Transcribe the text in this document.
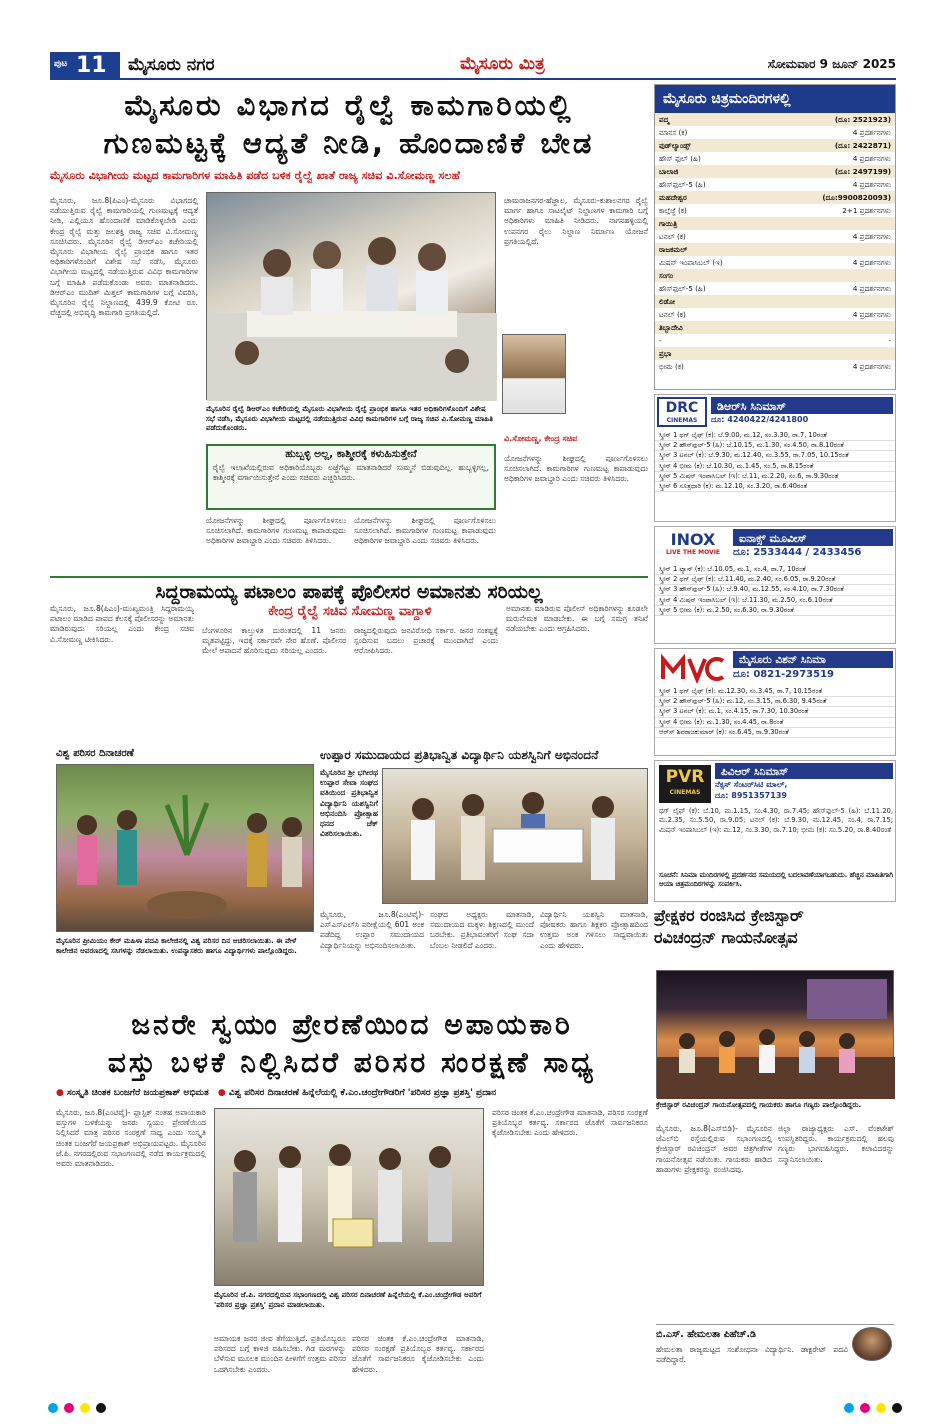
ಪುಟ 11 ಮೈಸೂರು ನಗರ	ಮೈಸೂರು ಮಿತ್ರ	ಸೋಮವಾರ 9 ಜೂನ್ 2025
ಮೈಸೂರು ವಿಭಾಗದ ರೈಲ್ವೆ ಕಾಮಗಾರಿಯಲ್ಲಿ
ಗುಣಮಟ್ಟಕ್ಕೆ ಆದ್ಯತೆ ನೀಡಿ, ಹೊಂದಾಣಿಕೆ ಬೇಡ
ಮೈಸೂರು ವಿಭಾಗೀಯ ಮಟ್ಟದ ಕಾಮಗಾರಿಗಳ ಮಾಹಿತಿ ಪಡೆದ ಬಳಿಕ ರೈಲ್ವೆ ಖಾತೆ ರಾಜ್ಯ ಸಚಿವ ವಿ.ಸೋಮಣ್ಣ ಸಲಹೆ
ಮೈಸೂರು, ಜೂ.8(ಪಿಎಂ)-ಮೈಸೂರು ವಿಭಾಗದಲ್ಲಿ ನಡೆಯುತ್ತಿರುವ ರೈಲ್ವೆ ಕಾಮಗಾರಿಯಲ್ಲಿ ಗುಣಮಟ್ಟಕ್ಕೆ ಆದ್ಯತೆ ನೀಡಿ, ಎಲ್ಲಿಯೂ ಹೊಂದಾಣಿಕೆ ಮಾಡಿಕೊಳ್ಳಬೇಡಿ ಎಂದು ಕೇಂದ್ರ ರೈಲ್ವೆ ಮತ್ತು ಜಲಶಕ್ತಿ ರಾಜ್ಯ ಸಚಿವ ವಿ.ಸೋಮಣ್ಣ ಸೂಚಿಸಿದರು. ಮೈಸೂರಿನ ರೈಲ್ವೆ ಡಿಆರ್‌ಎಂ ಕಚೇರಿಯಲ್ಲಿ ಮೈಸೂರು ವಿಭಾಗೀಯ ರೈಲ್ವೆ ಪ್ರಾಂಭಿಕ ಹಾಗೂ ಇತರ ಅಧಿಕಾರಿಗಳೊಂದಿಗೆ ವಿಶೇಷ ಸಭೆ ನಡೆಸಿ, ಮೈಸೂರು ವಿಭಾಗೀಯ ಮಟ್ಟದಲ್ಲಿ ನಡೆಯುತ್ತಿರುವ ವಿವಿಧ ಕಾಮಗಾರಿಗಳ ಬಗ್ಗೆ ಮಾಹಿತಿ ಪಡೆದುಕೊಂಡು ಅವರು ಮಾತನಾಡಿದರು. ಡಿಆರ್‌ಎಂ ಮುದಿತ್ ಮಿತ್ತಲ್ ಕಾಮಗಾರಿಗಳ ಬಗ್ಗೆ ವಿವರಿಸಿ, ಮೈಸೂರಿನ ರೈಲ್ವೆ ನಿಲ್ದಾಣದಲ್ಲಿ 439.9 ಕೋಟಿ ರೂ. ವೆಚ್ಚದಲ್ಲಿ ಅಭಿವೃದ್ಧಿ ಕಾಮಗಾರಿ ಪ್ರಗತಿಯಲ್ಲಿದೆ.
ಮೈಸೂರಿನ ರೈಲ್ವೆ ಡಿಆರ್‌ಎಂ ಕಚೇರಿಯಲ್ಲಿ ಮೈಸೂರು ವಿಭಾಗೀಯ ರೈಲ್ವೆ ಪ್ರಾಂಭಿಕ ಹಾಗೂ ಇತರ ಅಧಿಕಾರಿಗಳೊಂದಿಗೆ ವಿಶೇಷ ಸಭೆ ನಡೆಸಿ, ಮೈಸೂರು ವಿಭಾಗೀಯ ಮಟ್ಟದಲ್ಲಿ ನಡೆಯುತ್ತಿರುವ ವಿವಿಧ ಕಾಮಗಾರಿಗಳ ಬಗ್ಗೆ ರಾಜ್ಯ ಸಚಿವ ವಿ.ಸೋಮಣ್ಣ ಮಾಹಿತಿ ಪಡೆದುಕೊಂಡರು.
ಚಾಮರಾಜನಗರ-ಹೆಜ್ಜಾಲ, ಮೈಸೂರು-ಕುಶಾಲನಗರ ರೈಲ್ವೆ ಮಾರ್ಗ ಹಾಗೂ ಸಾಟಲೈಟ್ ನಿಲ್ದಾಣಗಳ ಕಾಮಗಾರಿ ಬಗ್ಗೆ ಅಧಿಕಾರಿಗಳು ಮಾಹಿತಿ ನೀಡಿದರು. ನಾಗನಹಳ್ಳಿಯಲ್ಲಿ ಉಪನಗರ ರೈಲು ನಿಲ್ದಾಣ ನಿರ್ಮಾಣ ಯೋಜನೆ ಪ್ರಗತಿಯಲ್ಲಿದೆ.
ವಿ.ಸೋಮಣ್ಣ, ಕೇಂದ್ರ ಸಚಿವ
ಹುಬ್ಬಳ್ಳಿ ಅಲ್ಲ, ಕಾಶ್ಮೀರಕ್ಕೆ ಕಳುಹಿಸುತ್ತೇನೆ
ರೈಲ್ವೆ ಇಲಾಖೆಯಲ್ಲಿರುವ ಅಧಿಕಾರಿಯೊಬ್ಬರು ಲಜ್ಜೆಗೆಟ್ಟು ಮಾತನಾಡಿದರೆ ಸುಮ್ಮನೆ ಬಿಡುವುದಿಲ್ಲ. ಹುಬ್ಬಳ್ಳಿಗಲ್ಲ, ಕಾಶ್ಮೀರಕ್ಕೆ ವರ್ಗಾಯಿಸುತ್ತೇನೆ ಎಂದು ಸಚಿವರು ಎಚ್ಚರಿಸಿದರು.
ಯೋಜನೆಗಳನ್ನು ಶೀಘ್ರದಲ್ಲಿ ಪೂರ್ಣಗೊಳಿಸಲು ಸೂಚಿಸಲಾಗಿದೆ. ಕಾಮಗಾರಿಗಳ ಗುಣಮಟ್ಟ ಕಾಪಾಡುವುದು ಅಧಿಕಾರಿಗಳ ಜವಾಬ್ದಾರಿ ಎಂದು ಸಚಿವರು ತಿಳಿಸಿದರು.
ಯೋಜನೆಗಳನ್ನು ಶೀಘ್ರದಲ್ಲಿ ಪೂರ್ಣಗೊಳಿಸಲು ಸೂಚಿಸಲಾಗಿದೆ. ಕಾಮಗಾರಿಗಳ ಗುಣಮಟ್ಟ ಕಾಪಾಡುವುದು ಅಧಿಕಾರಿಗಳ ಜವಾಬ್ದಾರಿ ಎಂದು ಸಚಿವರು ತಿಳಿಸಿದರು.
ಯೋಜನೆಗಳನ್ನು ಶೀಘ್ರದಲ್ಲಿ ಪೂರ್ಣಗೊಳಿಸಲು ಸೂಚಿಸಲಾಗಿದೆ. ಕಾಮಗಾರಿಗಳ ಗುಣಮಟ್ಟ ಕಾಪಾಡುವುದು ಅಧಿಕಾರಿಗಳ ಜವಾಬ್ದಾರಿ ಎಂದು ಸಚಿವರು ತಿಳಿಸಿದರು.
ಸಿದ್ದರಾಮಯ್ಯ ಪಟಾಲಂ ಪಾಪಕ್ಕೆ ಪೊಲೀಸರ ಅಮಾನತು ಸರಿಯಲ್ಲ
ಕೇಂದ್ರ ರೈಲ್ವೆ ಸಚಿವ ಸೋಮಣ್ಣ ವಾಗ್ದಾಳಿ
ಮೈಸೂರು, ಜೂ.8(ಪಿಎಂ)-ಮುಖ್ಯಮಂತ್ರಿ ಸಿದ್ದರಾಮಯ್ಯ ಪಟಾಲಂ ಮಾಡಿದ ಪಾಪದ ಕೆಲಸಕ್ಕೆ ಪೊಲೀಸರನ್ನು ಅಮಾನತು ಮಾಡಿರುವುದು ಸರಿಯಲ್ಲ ಎಂದು ಕೇಂದ್ರ ಸಚಿವ ವಿ.ಸೋಮಣ್ಣ ಟೀಕಿಸಿದರು.
ಬೆಂಗಳೂರಿನ ಕಾಲ್ತುಳಿತ ದುರಂತದಲ್ಲಿ 11 ಜನರು ಮೃತಪಟ್ಟಿದ್ದು, ಇದಕ್ಕೆ ಸರ್ಕಾರವೇ ನೇರ ಹೊಣೆ. ಪೊಲೀಸರ ಮೇಲೆ ಆಪಾದನೆ ಹೊರಿಸುವುದು ಸರಿಯಲ್ಲ ಎಂದರು.
ರಾಜ್ಯದಲ್ಲಿರುವುದು ಜನವಿರೋಧಿ ಸರ್ಕಾರ. ಜನರ ಸಂಕಷ್ಟಕ್ಕೆ ಸ್ಪಂದಿಸುವ ಬದಲು ಪ್ರಚಾರಕ್ಕೆ ಮುಂದಾಗಿದೆ ಎಂದು ಆರೋಪಿಸಿದರು.
ಅಮಾನತು ಮಾಡಿರುವ ಪೊಲೀಸ್ ಅಧಿಕಾರಿಗಳನ್ನು ಕೂಡಲೇ ಮರುನೇಮಕ ಮಾಡಬೇಕು. ಈ ಬಗ್ಗೆ ಸಮಗ್ರ ತನಿಖೆ ನಡೆಯಬೇಕು ಎಂದು ಆಗ್ರಹಿಸಿದರು.
ವಿಶ್ವ ಪರಿಸರ ದಿನಾಚರಣೆ
ಮೈಸೂರಿನ ಪ್ರೀಮಿಯಂ ಕೇರ್ ಮಹಿಳಾ ಪದವಿ ಕಾಲೇಜಿನಲ್ಲಿ ವಿಶ್ವ ಪರಿಸರ ದಿನ ಆಚರಿಸಲಾಯಿತು. ಈ ವೇಳೆ ಕಾಲೇಜಿನ ಆವರಣದಲ್ಲಿ ಸಸಿಗಳನ್ನು ನೆಡಲಾಯಿತು. ಉಪನ್ಯಾಸಕರು ಹಾಗೂ ವಿದ್ಯಾರ್ಥಿಗಳು ಪಾಲ್ಗೊಂಡಿದ್ದರು.
ಉಪ್ಪಾರ ಸಮುದಾಯದ ಪ್ರತಿಭಾನ್ವಿತ ವಿದ್ಯಾರ್ಥಿನಿ ಯಶಸ್ವಿನಿಗೆ ಅಭಿನಂದನೆ
ಮೈಸೂರಿನ ಶ್ರೀ ಭಗೀರಥ ಉಪ್ಪಾರ ಸೇವಾ ಸಂಘದ ವತಿಯಿಂದ ಪ್ರತಿಭಾನ್ವಿತ ವಿದ್ಯಾರ್ಥಿನಿ ಯಶಸ್ವಿನಿಗೆ ಅಭಿನಂದಿಸಿ ಪ್ರೋತ್ಸಾಹ ಧನದ ಚೆಕ್ ವಿತರಿಸಲಾಯಿತು.
ಮೈಸೂರು, ಜೂ.8(ಎಂಟಿವೈ)-ಎಸ್‌ಎಸ್‌ಎಲ್‌ಸಿ ಪರೀಕ್ಷೆಯಲ್ಲಿ 601 ಅಂಕ ಪಡೆದಿದ್ದ ಉಪ್ಪಾರ ಸಮುದಾಯದ ವಿದ್ಯಾರ್ಥಿನಿಯನ್ನು ಅಭಿನಂದಿಸಲಾಯಿತು.
ಸಂಘದ ಅಧ್ಯಕ್ಷರು ಮಾತನಾಡಿ, ಸಮುದಾಯದ ಮಕ್ಕಳು ಶಿಕ್ಷಣದಲ್ಲಿ ಮುಂದೆ ಬರಬೇಕು. ಪ್ರತಿಭಾವಂತರಿಗೆ ಸಂಘ ಸದಾ ಬೆಂಬಲ ನೀಡಲಿದೆ ಎಂದರು.
ವಿದ್ಯಾರ್ಥಿನಿ ಯಶಸ್ವಿನಿ ಮಾತನಾಡಿ, ಪೋಷಕರು ಹಾಗೂ ಶಿಕ್ಷಕರ ಪ್ರೋತ್ಸಾಹದಿಂದ ಉತ್ತಮ ಅಂಕ ಗಳಿಸಲು ಸಾಧ್ಯವಾಯಿತು ಎಂದು ಹೇಳಿದರು.
ಜನರೇ ಸ್ವಯಂ ಪ್ರೇರಣೆಯಿಂದ ಅಪಾಯಕಾರಿ
ವಸ್ತು ಬಳಕೆ ನಿಲ್ಲಿಸಿದರೆ ಪರಿಸರ ಸಂರಕ್ಷಣೆ ಸಾಧ್ಯ
● ಸಂಸ್ಕೃತಿ ಚಿಂತಕ ಬಂಜಗೆರೆ ಜಯಪ್ರಕಾಶ್ ಅಭಿಮತ ● ವಿಶ್ವ ಪರಿಸರ ದಿನಾಚರಣೆ ಹಿನ್ನೆಲೆಯಲ್ಲಿ ಕೆ.ಎಂ.ಚಂದ್ರೇಗೌಡರಿಗೆ 'ಪರಿಸರ ಪ್ರಜ್ಞಾ ಪ್ರಶಸ್ತಿ' ಪ್ರದಾನ
ಮೈಸೂರು, ಜೂ.8(ಎಂಟಿವೈ)- ಪ್ಲಾಸ್ಟಿಕ್ ನಂತಹ ಅಪಾಯಕಾರಿ ವಸ್ತುಗಳ ಬಳಕೆಯನ್ನು ಜನರು ಸ್ವಯಂ ಪ್ರೇರಣೆಯಿಂದ ನಿಲ್ಲಿಸಿದರೆ ಮಾತ್ರ ಪರಿಸರ ಸಂರಕ್ಷಣೆ ಸಾಧ್ಯ ಎಂದು ಸಂಸ್ಕೃತಿ ಚಿಂತಕ ಬಂಜಗೆರೆ ಜಯಪ್ರಕಾಶ್ ಅಭಿಪ್ರಾಯಪಟ್ಟರು. ಮೈಸೂರಿನ ಜೆ.ಪಿ. ನಗರದಲ್ಲಿರುವ ಸಭಾಂಗಣದಲ್ಲಿ ನಡೆದ ಕಾರ್ಯಕ್ರಮದಲ್ಲಿ ಅವರು ಮಾತನಾಡಿದರು.
ಮೈಸೂರಿನ ಜೆ.ಪಿ. ನಗರದಲ್ಲಿರುವ ಸಭಾಂಗಣದಲ್ಲಿ ವಿಶ್ವ ಪರಿಸರ ದಿನಾಚರಣೆ ಹಿನ್ನೆಲೆಯಲ್ಲಿ ಕೆ.ಎಂ.ಚಂದ್ರೇಗೌಡ ಅವರಿಗೆ 'ಪರಿಸರ ಪ್ರಜ್ಞಾ ಪ್ರಶಸ್ತಿ' ಪ್ರದಾನ ಮಾಡಲಾಯಿತು.
ಅಮಾಯಕ ಜನರ ಜೀವ ತೆಗೆಯುತ್ತಿದೆ. ಪ್ರತಿಯೊಬ್ಬರೂ ಪರಿಸರದ ಬಗ್ಗೆ ಕಾಳಜಿ ವಹಿಸಬೇಕು. ಗಿಡ ಮರಗಳನ್ನು ಬೆಳೆಸುವ ಮೂಲಕ ಮುಂದಿನ ಪೀಳಿಗೆಗೆ ಉತ್ತಮ ಪರಿಸರ ಒದಗಿಸಬೇಕು ಎಂದರು.
ಪರಿಸರ ಚಿಂತಕ ಕೆ.ಎಂ.ಚಂದ್ರೇಗೌಡ ಮಾತನಾಡಿ, ಪರಿಸರ ಸಂರಕ್ಷಣೆ ಪ್ರತಿಯೊಬ್ಬರ ಕರ್ತವ್ಯ. ಸರ್ಕಾರದ ಜೊತೆಗೆ ಸಾರ್ವಜನಿಕರೂ ಕೈಜೋಡಿಸಬೇಕು ಎಂದು ಹೇಳಿದರು.
ಪರಿಸರ ಚಿಂತಕ ಕೆ.ಎಂ.ಚಂದ್ರೇಗೌಡ ಮಾತನಾಡಿ, ಪರಿಸರ ಸಂರಕ್ಷಣೆ ಪ್ರತಿಯೊಬ್ಬರ ಕರ್ತವ್ಯ. ಸರ್ಕಾರದ ಜೊತೆಗೆ ಸಾರ್ವಜನಿಕರೂ ಕೈಜೋಡಿಸಬೇಕು ಎಂದು ಹೇಳಿದರು.
ಮೈಸೂರು ಚಿತ್ರಮಂದಿರಗಳಲ್ಲಿ
ಪದ್ಮ	(ದೂ: 2521923)
ಮಾನಸ (ಕ)	4 ಪ್ರದರ್ಶನಗಳು
ವುಡ್‌ಲ್ಯಾಂಡ್ಸ್	(ದೂ: 2422871)
ಹೌಸ್ ಫುಲ್ (ಹಿ)	4 ಪ್ರದರ್ಶನಗಳು
ಬಾಲಾಜಿ	(ದೂ: 2497199)
ಹೌಸ್‌ಫುಲ್-5 (ಹಿ)	4 ಪ್ರದರ್ಶನಗಳು
ಮಹದೇಶ್ವರ	(ದೂ:9900820093)
ಕಾಲ್ಗೆಜ್ಜೆ (ಕ)	2+1 ಪ್ರದರ್ಶನಗಳು
ಗಾಯಿತ್ರಿ
ಟನಲ್ (ಕ)	4 ಪ್ರದರ್ಶನಗಳು
ರಾಜಕಮಲ್
ಮಿಷನ್ ಇಂಪಾಸಿಬಲ್ (ಇ)	4 ಪ್ರದರ್ಶನಗಳು
ಸಂಗಂ
ಹೌಸ್‌ಫುಲ್-5 (ಹಿ)	4 ಪ್ರದರ್ಶನಗಳು
ಲಿಡೋ
ಟನಲ್ (ಕ)	4 ಪ್ರದರ್ಶನಗಳು
ತಿಬ್ಬಾದೇವಿ
-	-
ಪ್ರಭಾ
ಭೀಮ (ಕ)	4 ಪ್ರದರ್ಶನಗಳು
DRC
CINEMAS
ಡಿಆರ್‌ಸಿ ಸಿನಿಮಾಸ್
ದೂ: 4240422/4241800
ಸ್ಕ್ರೀನ್ 1 ಥಗ್ ಲೈಫ್ (ಕ): ಬೆ.9.00, ಮ.12, ಸಂ.3.30, ರಾ.7, 10ರಂತೆ
ಸ್ಕ್ರೀನ್ 2 ಹೌಸ್‌ಫುಲ್-5 (ಹಿ): ಬೆ.10.15, ಮ.1.30, ಸಂ.4.50, ರಾ.8.10ರಂತೆ
ಸ್ಕ್ರೀನ್ 3 ಟನಲ್ (ಕ): ಬೆ.9.30, ಮ.12.40, ಸಂ.3.55, ರಾ.7.05, 10.15ರಂತೆ
ಸ್ಕ್ರೀನ್ 4 ಭೀಮ (ಕ): ಬೆ.10.30, ಮ.1.45, ಸಂ.5, ರಾ.8.15ರಂತೆ
ಸ್ಕ್ರೀನ್ 5 ಮಿಷನ್ ಇಂಪಾಸಿಬಲ್ (ಇ): ಬೆ.11, ಮ.2.20, ಸಂ.6, ರಾ.9.30ರಂತೆ
ಸ್ಕ್ರೀನ್ 6 ಸೂತ್ರಧಾರಿ (ಕ): ಮ.12.10, ಸಂ.3.20, ರಾ.6.40ರಂತೆ
INOX
LIVE THE MOVIE
ಐನಾಕ್ಸ್ ಮೂವೀಸ್
ದೂ: 2533444 / 2433456
ಸ್ಕ್ರೀನ್ 1 ಟ್ಯಾನ್ (ಕ): ಬೆ.10.05, ಮ.1, ಸಂ.4, ರಾ.7, 10ರಂತೆ
ಸ್ಕ್ರೀನ್ 2 ಥಗ್ ಲೈಫ್ (ಕ): ಬೆ.11.40, ಮ.2.40, ಸಂ.6.05, ರಾ.9.20ರಂತೆ
ಸ್ಕ್ರೀನ್ 3 ಹೌಸ್‌ಫುಲ್-5 (ಹಿ): ಬೆ.9.40, ಮ.12.55, ಸಂ.4.10, ರಾ.7.30ರಂತೆ
ಸ್ಕ್ರೀನ್ 4 ಮಿಷನ್ ಇಂಪಾಸಿಬಲ್ (ಇ): ಬೆ.11.30, ಮ.2.50, ಸಂ.6.10ರಂತೆ
ಸ್ಕ್ರೀನ್ 5 ಭೀಮ (ಕ): ಮ.2.50, ಸಂ.6.30, ರಾ.9.30ರಂತೆ
ಮೈಸೂರು ವಿಶನ್ ಸಿನಿಮಾ
ದೂ: 0821-2973519
ಸ್ಕ್ರೀನ್ 1 ಥಗ್ ಲೈಫ್ (ಕ): ಮ.12.30, ಸಂ.3.45, ರಾ.7, 10.15ರಂತೆ
ಸ್ಕ್ರೀನ್ 2 ಹೌಸ್‌ಫುಲ್-5 (ಹಿ): ಮ.12, ಸಂ.3.15, ರಾ.6.30, 9.45ರಂತೆ
ಸ್ಕ್ರೀನ್ 3 ಟನಲ್ (ಕ): ಮ.1, ಸಂ.4.15, ರಾ.7.30, 10.30ರಂತೆ
ಸ್ಕ್ರೀನ್ 4 ಭೀಮ (ಕ): ಮ.1.30, ಸಂ.4.45, ರಾ.8ರಂತೆ
ಆರ್‌ಸ್ ಶಿವರಾಜಕುಮಾರ್ (ಕ): ಸಂ.6.45, ರಾ.9.30ರಂತೆ
PVR
CINEMAS
ಪಿವಿಆರ್ ಸಿನಿಮಾಸ್
ನೆಕ್ಸಸ್ ಸೆಂಟರ್‌ಸಿಟಿ ಮಾಲ್,
ದೂ: 8951357139
ಥಗ್ ಲೈಫ್ (ಕ): ಬೆ.10, ಮ.1.15, ಸಂ.4.30, ರಾ.7.45; ಹೌಸ್‌ಫುಲ್-5 (ಹಿ): ಬೆ.11.20, ಮ.2.35, ಸಂ.5.50, ರಾ.9.05; ಟನಲ್ (ಕ): ಬೆ.9.30, ಮ.12.45, ಸಂ.4, ರಾ.7.15; ಮಿಷನ್ ಇಂಪಾಸಿಬಲ್ (ಇ): ಮ.12, ಸಂ.3.30, ರಾ.7.10; ಭೀಮ (ಕ): ಸಂ.5.20, ರಾ.8.40ರಂತೆ
ಸೂಚನೆ: ಸಿನಿಮಾ ಮಂದಿರಗಳಲ್ಲಿ ಪ್ರದರ್ಶನದ ಸಮಯದಲ್ಲಿ ಬದಲಾವಣೆಯಾಗಬಹುದು. ಹೆಚ್ಚಿನ ಮಾಹಿತಿಗಾಗಿ ಆಯಾ ಚಿತ್ರಮಂದಿರಗಳನ್ನು ಸಂಪರ್ಕಿಸಿ.
ಪ್ರೇಕ್ಷಕರ ರಂಜಿಸಿದ ಕ್ರೇಜಿಸ್ಟಾರ್
ರವಿಚಂದ್ರನ್ ಗಾಯನೋತ್ಸವ
ಕ್ರೇಜಿಸ್ಟಾರ್ ರವಿಚಂದ್ರನ್ ಗಾಯನೋತ್ಸವದಲ್ಲಿ ಗಾಯಕರು ಹಾಗೂ ಗಣ್ಯರು ಪಾಲ್ಗೊಂಡಿದ್ದರು.
ಮೈಸೂರು, ಜೂ.8(ಎಸ್‌ಬಿಡಿ)- ಮೈಸೂರಿನ ಜೆಎಲ್‌ಬಿ ರಸ್ತೆಯಲ್ಲಿರುವ ಸಭಾಂಗಣದಲ್ಲಿ ಕ್ರೇಜಿಸ್ಟಾರ್ ರವಿಚಂದ್ರನ್ ಅವರ ಚಿತ್ರಗೀತೆಗಳ ಗಾಯನೋತ್ಸವ ನಡೆಯಿತು. ಗಾಯಕರು ಹಾಡಿದ ಹಾಡುಗಳು ಪ್ರೇಕ್ಷಕರನ್ನು ರಂಜಿಸಿದವು.
ಜಿಲ್ಲಾ ರಾಜ್ಯಾಧ್ಯಕ್ಷರು ಎಸ್. ವೆಂಕಟೇಶ್ ಉಪಸ್ಥಿತರಿದ್ದರು. ಕಾರ್ಯಕ್ರಮದಲ್ಲಿ ಹಲವು ಗಣ್ಯರು ಭಾಗವಹಿಸಿದ್ದರು. ಕಲಾವಿದರನ್ನು ಸನ್ಮಾನಿಸಲಾಯಿತು.
ಬಿ.ಎಸ್. ಹೇಮಲತಾ ಪಿಹೆಚ್.ಡಿ
ಹೇಮಲತಾ ರಾಜ್ಯಮಟ್ಟದ ಸಂಶೋಧನಾ ವಿದ್ಯಾರ್ಥಿನಿ. ಡಾಕ್ಟರೇಟ್ ಪದವಿ ಪಡೆದಿದ್ದಾರೆ.
